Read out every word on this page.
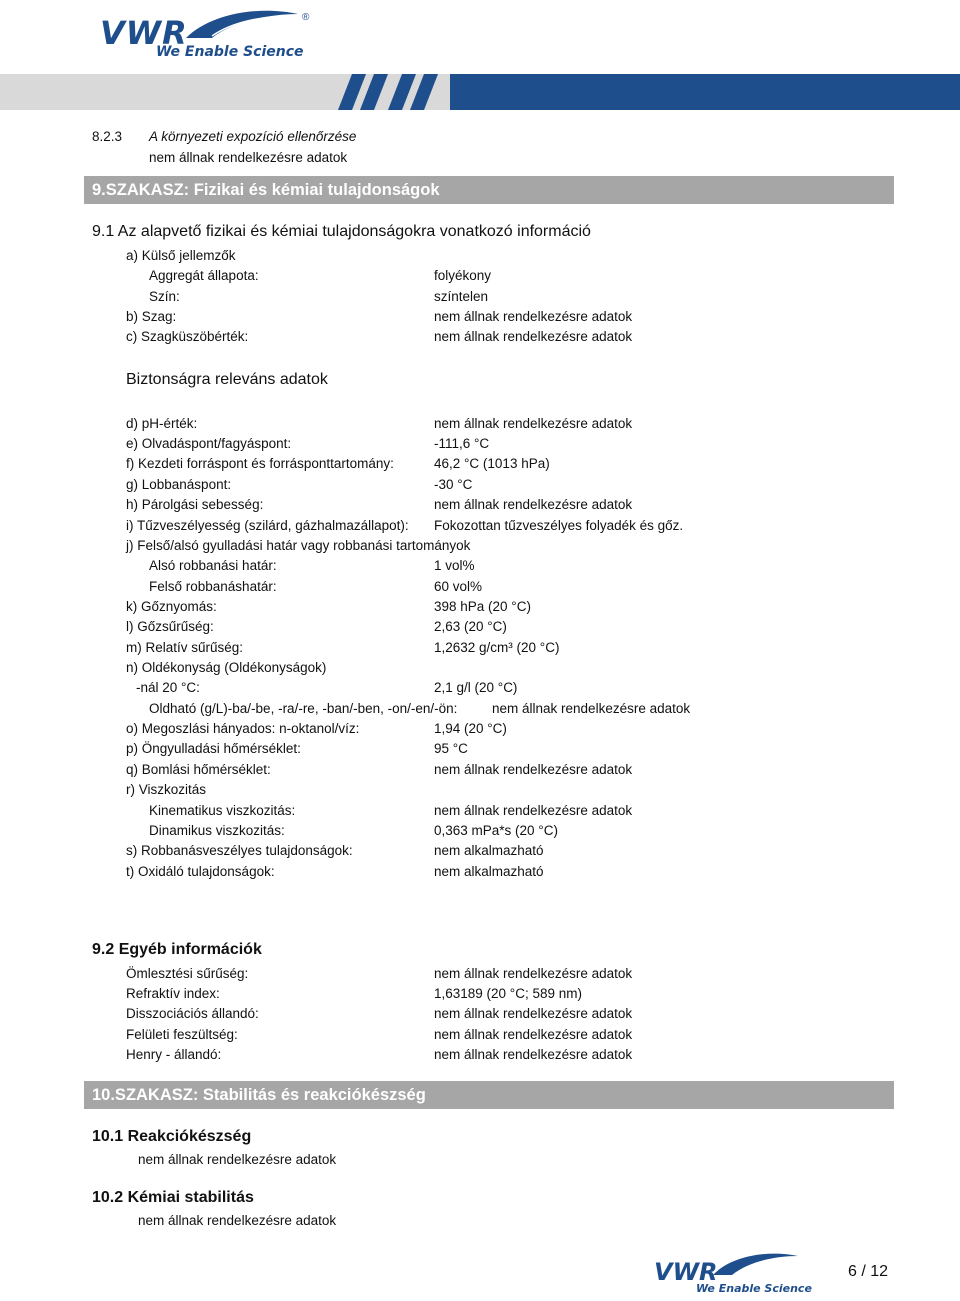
VWR	®
We Enable Science
8.2.3 A környezeti expozíció ellenőrzése
nem állnak rendelkezésre adatok
9.SZAKASZ: Fizikai és kémiai tulajdonságok
9.1 Az alapvető fizikai és kémiai tulajdonságokra vonatkozó információ
a) Külső jellemzők
Aggregát állapota:	folyékony
Szín:	színtelen
b) Szag:	nem állnak rendelkezésre adatok
c) Szagküszöbérték:	nem állnak rendelkezésre adatok
Biztonságra releváns adatok
d) pH-érték:	nem állnak rendelkezésre adatok
e) Olvadáspont/fagyáspont:	-111,6 °C
f) Kezdeti forráspont és forrásponttartomány:	46,2 °C (1013 hPa)
g) Lobbanáspont:	-30 °C
h) Párolgási sebesség:	nem állnak rendelkezésre adatok
i) Tűzveszélyesség (szilárd, gázhalmazállapot): Fokozottan tűzveszélyes folyadék és gőz.
j) Felső/alsó gyulladási határ vagy robbanási tartományok
Alsó robbanási határ:	1 vol%
Felső robbanáshatár:	60 vol%
k) Gőznyomás:	398 hPa (20 °C)
l) Gőzsűrűség:	2,63 (20 °C)
m) Relatív sűrűség:	1,2632 g/cm³ (20 °C)
n) Oldékonyság (Oldékonyságok)
-nál 20 °C:	2,1 g/l (20 °C)
Oldható (g/L)-ba/-be, -ra/-re, -ban/-ben, -on/-en/-ön:	nem állnak rendelkezésre adatok
o) Megoszlási hányados: n-oktanol/víz:	1,94 (20 °C)
p) Öngyulladási hőmérséklet:	95 °C
q) Bomlási hőmérséklet:	nem állnak rendelkezésre adatok
r) Viszkozitás
Kinematikus viszkozitás:	nem állnak rendelkezésre adatok
Dinamikus viszkozitás:	0,363 mPa*s (20 °C)
s) Robbanásveszélyes tulajdonságok:	nem alkalmazható
t) Oxidáló tulajdonságok:	nem alkalmazható
9.2 Egyéb információk
Ömlesztési sűrűség:	nem állnak rendelkezésre adatok
Refraktív index:	1,63189 (20 °C; 589 nm)
Disszociációs állandó:	nem állnak rendelkezésre adatok
Felületi feszültség:	nem állnak rendelkezésre adatok
Henry - állandó:	nem állnak rendelkezésre adatok
10.SZAKASZ: Stabilitás és reakciókészség
10.1 Reakciókészség
nem állnak rendelkezésre adatok
10.2 Kémiai stabilitás
nem állnak rendelkezésre adatok
VWR
We Enable Science
6 / 12
